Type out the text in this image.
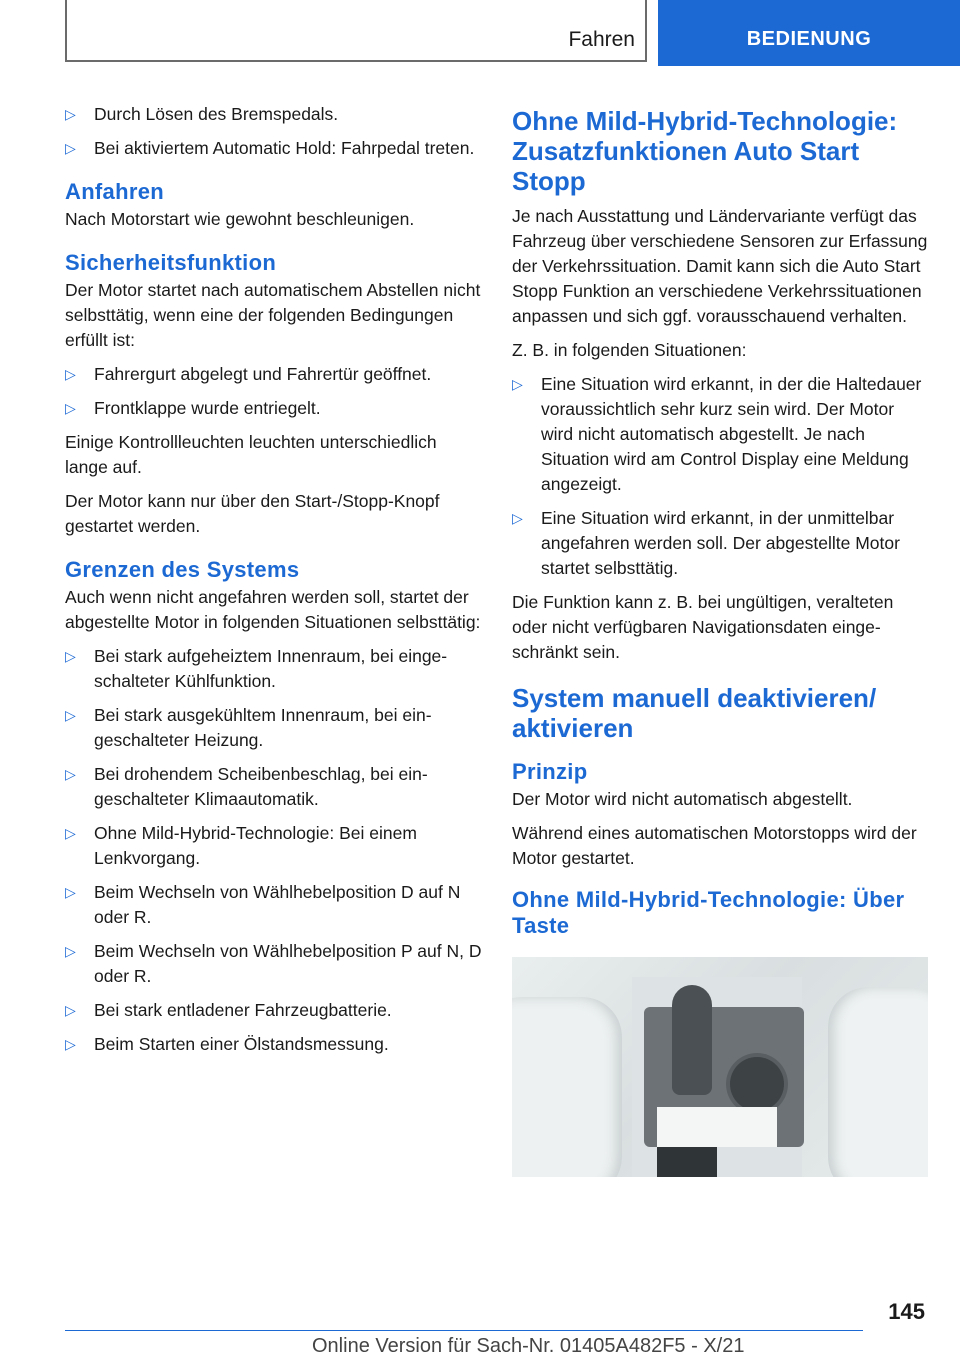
Fahren	BEDIENUNG
▷ Durch Lösen des Bremspedals.
▷ Bei aktiviertem Automatic Hold: Fahrpedal treten.
Anfahren

Nach Motorstart wie gewohnt beschleunigen.

Sicherheitsfunktion

Der Motor startet nach automatischem Abstellen nicht selbsttätig, wenn eine der folgenden Bedingungen erfüllt ist:

▷ Fahrergurt abgelegt und Fahrertür geöffnet.
▷ Frontklappe wurde entriegelt.

Einige Kontrollleuchten leuchten unterschiedlich lange auf.

Der Motor kann nur über den Start-/Stopp-Knopf gestartet werden.

Grenzen des Systems

Auch wenn nicht angefahren werden soll, startet der abgestellte Motor in folgenden Situationen selbsttätig:

▷ Bei stark aufgeheiztem Innenraum, bei eingeschalteter Kühlfunktion.
▷ Bei stark ausgekühltem Innenraum, bei eingeschalteter Heizung.
▷ Bei drohendem Scheibenbeschlag, bei eingeschalteter Klimaautomatik.
▷ Ohne Mild-Hybrid-Technologie: Bei einem Lenkvorgang.
▷ Beim Wechseln von Wählhebelposition D auf N oder R.
▷ Beim Wechseln von Wählhebelposition P auf N, D oder R.
▷ Bei stark entladener Fahrzeugbatterie.
▷ Beim Starten einer Ölstandsmessung.
Ohne Mild-Hybrid-Technologie: Zusatzfunktionen Auto Start Stopp

Je nach Ausstattung und Ländervariante verfügt das Fahrzeug über verschiedene Sensoren zur Erfassung der Verkehrssituation. Damit kann sich die Auto Start Stopp Funktion an verschiedene Verkehrssituationen anpassen und sich ggf. vorausschauend verhalten.

Z. B. in folgenden Situationen:

▷ Eine Situation wird erkannt, in der die Haltedauer voraussichtlich sehr kurz sein wird. Der Motor wird nicht automatisch abgestellt. Je nach Situation wird am Control Display eine Meldung angezeigt.
▷ Eine Situation wird erkannt, in der unmittelbar angefahren werden soll. Der abgestellte Motor startet selbsttätig.

Die Funktion kann z. B. bei ungültigen, veralteten oder nicht verfügbaren Navigationsdaten eingeschränkt sein.

System manuell deaktivieren/ aktivieren
Prinzip

Der Motor wird nicht automatisch abgestellt.

Während eines automatischen Motorstopps wird der Motor gestartet.

Ohne Mild-Hybrid-Technologie: Über Taste
145
Online Version für Sach-Nr. 01405A482F5 - X/21
